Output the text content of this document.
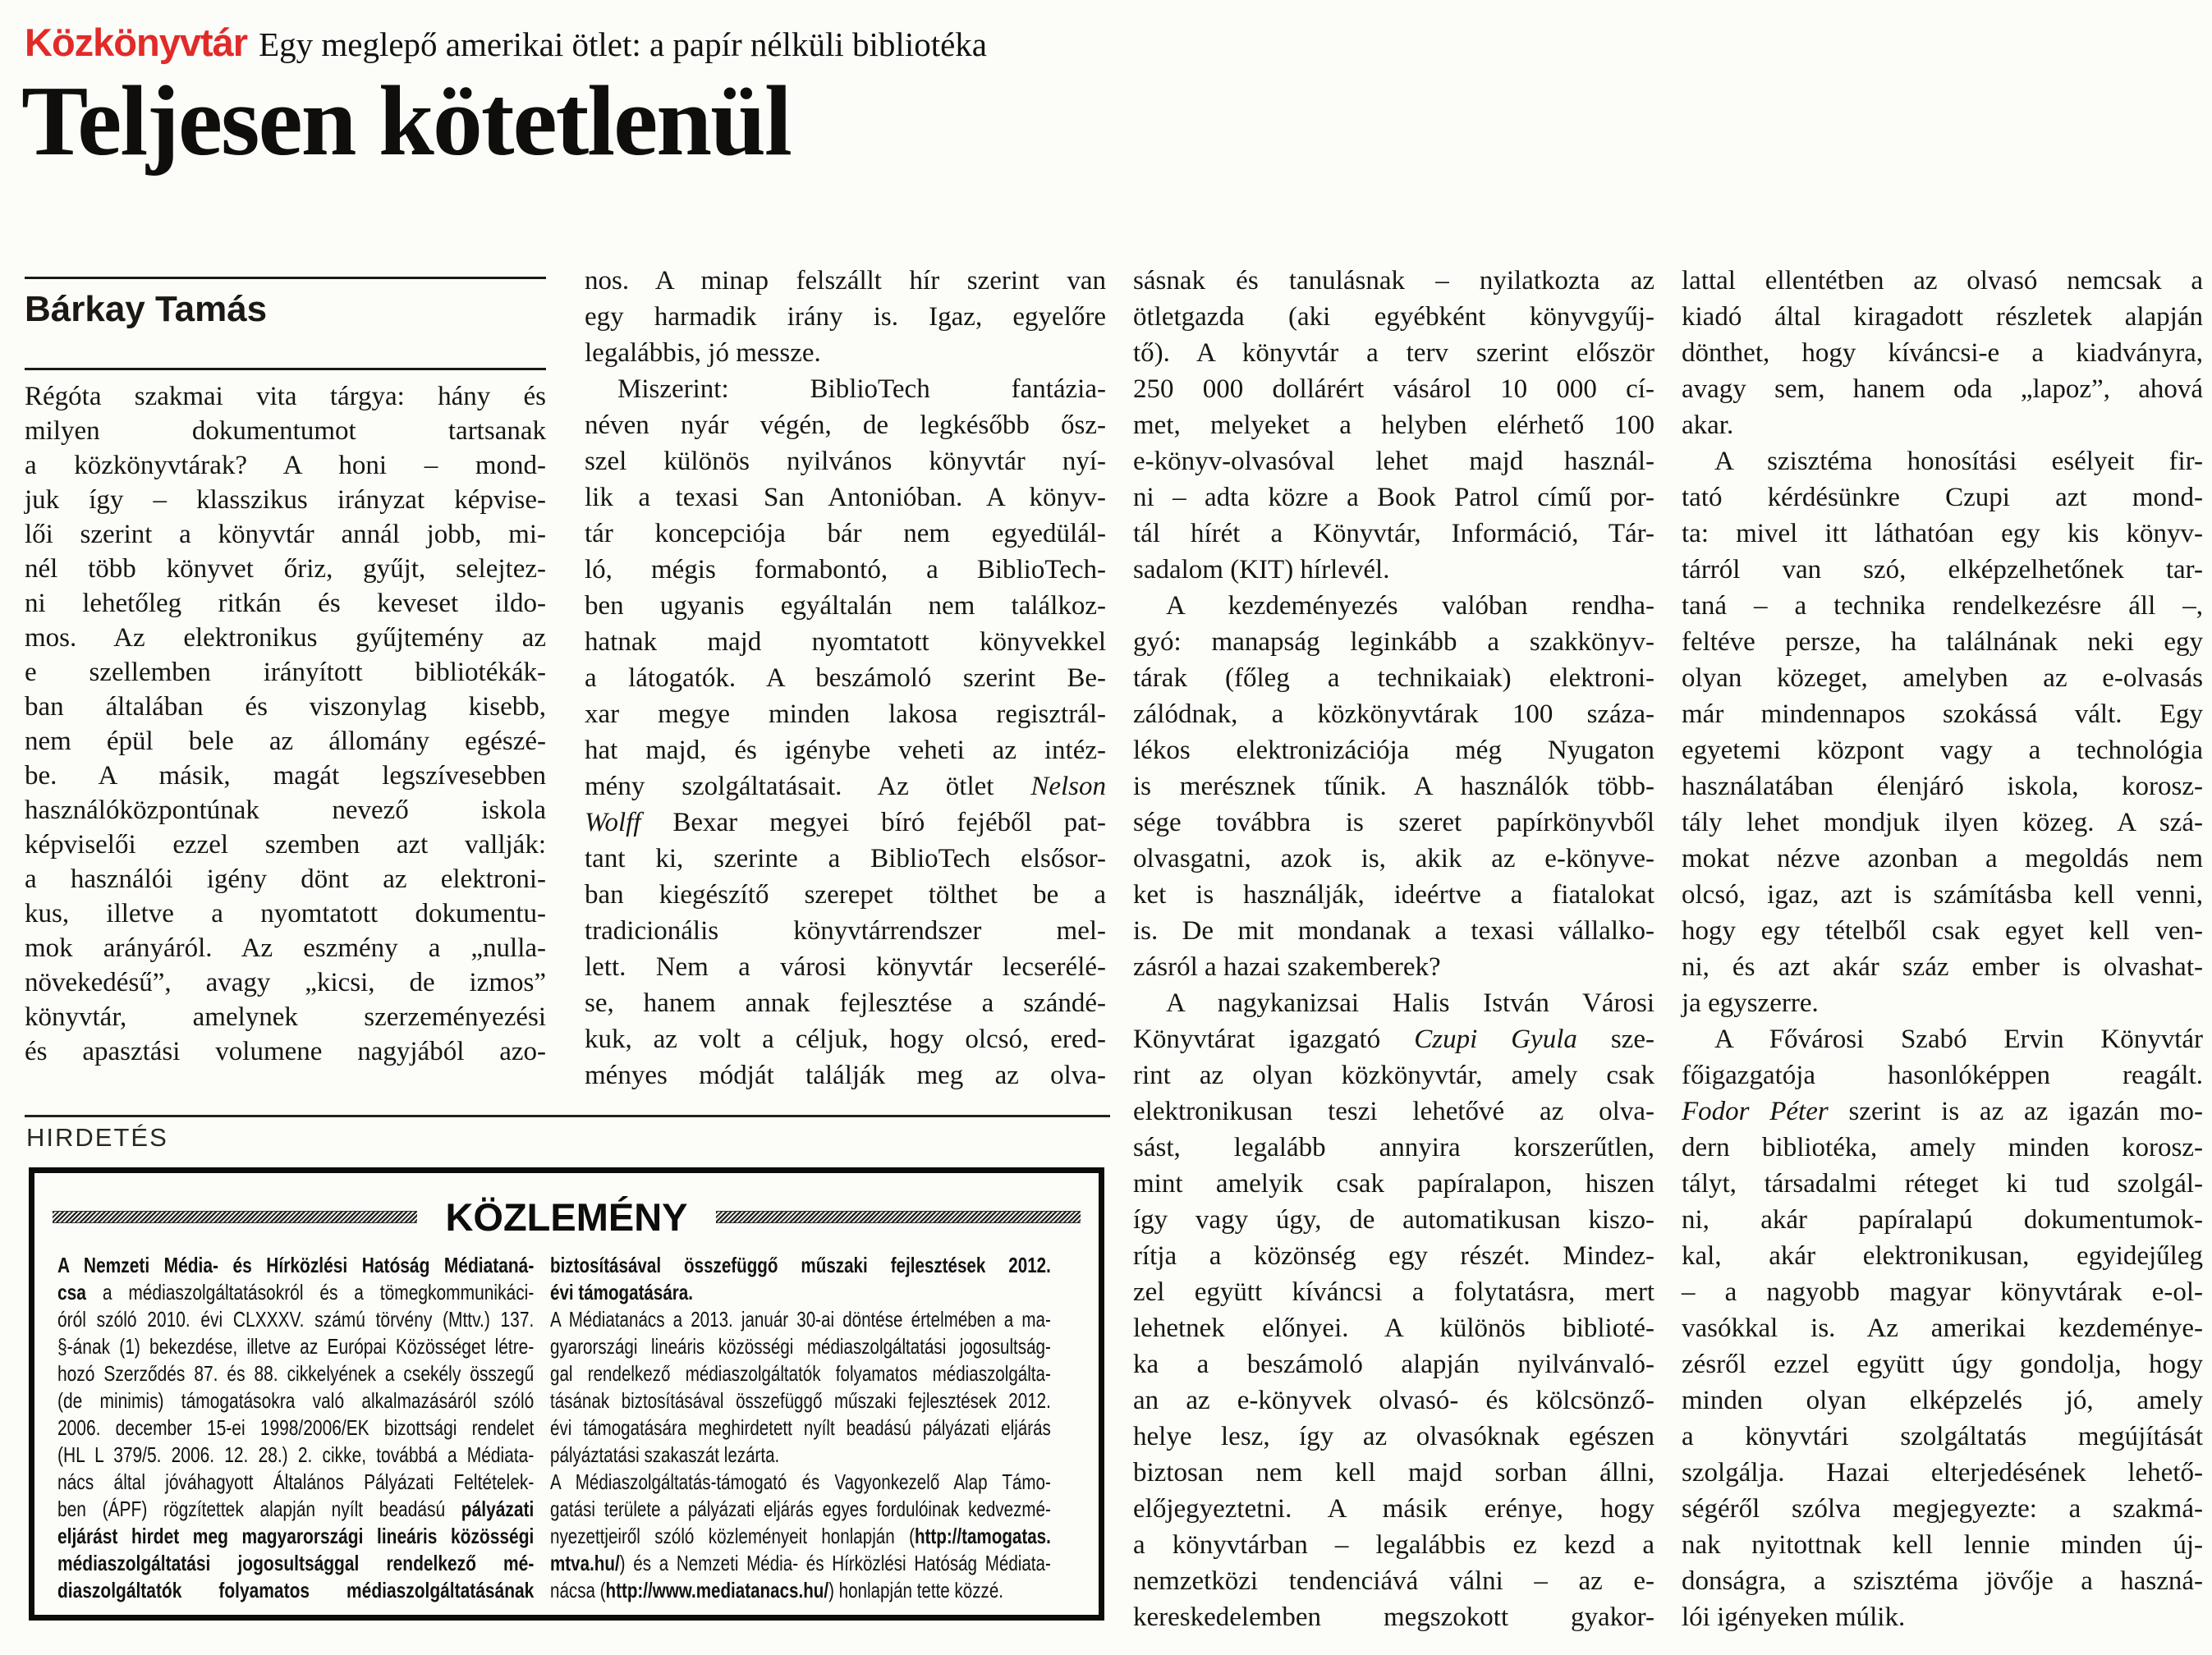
Közkönyvtár Egy meglepő amerikai ötlet: a papír nélküli bibliotéka
Teljesen kötetlenül
Bárkay Tamás
Régóta szakmai vita tárgya: hány és
milyen dokumentumot tartsanak
a közkönyvtárak? A honi – mond-
juk így – klasszikus irányzat képvise-
lői szerint a könyvtár annál jobb, mi-
nél több könyvet őriz, gyűjt, selejtez-
ni lehetőleg ritkán és keveset ildo-
mos. Az elektronikus gyűjtemény az
e szellemben irányított bibliotékák-
ban általában és viszonylag kisebb,
nem épül bele az állomány egészé-
be. A másik, magát legszívesebben
használóközpontúnak nevező iskola
képviselői ezzel szemben azt vallják:
a használói igény dönt az elektroni-
kus, illetve a nyomtatott dokumentu-
mok arányáról. Az eszmény a „nulla-
növekedésű”, avagy „kicsi, de izmos”
könyvtár, amelynek szerzeményezési
és apasztási volumene nagyjából azo-
nos. A minap felszállt hír szerint van
egy harmadik irány is. Igaz, egyelőre
legalábbis, jó messze.
Miszerint: BiblioTech fantázia-
néven nyár végén, de legkésőbb ősz-
szel különös nyilvános könyvtár nyí-
lik a texasi San Antonióban. A könyv-
tár koncepciója bár nem egyedülál-
ló, mégis formabontó, a BiblioTech-
ben ugyanis egyáltalán nem találkoz-
hatnak majd nyomtatott könyvekkel
a látogatók. A beszámoló szerint Be-
xar megye minden lakosa regisztrál-
hat majd, és igénybe veheti az intéz-
mény szolgáltatásait. Az ötlet Nelson
Wolff Bexar megyei bíró fejéből pat-
tant ki, szerinte a BiblioTech elsősor-
ban kiegészítő szerepet tölthet be a
tradicionális könyvtárrendszer mel-
lett. Nem a városi könyvtár lecserélé-
se, hanem annak fejlesztése a szándé-
kuk, az volt a céljuk, hogy olcsó, ered-
ményes módját találják meg az olva-
sásnak és tanulásnak – nyilatkozta az
ötletgazda (aki egyébként könyvgyűj-
tő). A könyvtár a terv szerint először
250 000 dollárért vásárol 10 000 cí-
met, melyeket a helyben elérhető 100
e-könyv-olvasóval lehet majd használ-
ni – adta közre a Book Patrol című por-
tál hírét a Könyvtár, Információ, Tár-
sadalom (KIT) hírlevél.
A kezdeményezés valóban rendha-
gyó: manapság leginkább a szakkönyv-
tárak (főleg a technikaiak) elektroni-
zálódnak, a közkönyvtárak 100 száza-
lékos elektronizációja még Nyugaton
is merésznek tűnik. A használók több-
sége továbbra is szeret papírkönyvből
olvasgatni, azok is, akik az e-könyve-
ket is használják, ideértve a fiatalokat
is. De mit mondanak a texasi vállalko-
zásról a hazai szakemberek?
A nagykanizsai Halis István Városi
Könyvtárat igazgató Czupi Gyula sze-
rint az olyan közkönyvtár, amely csak
elektronikusan teszi lehetővé az olva-
sást, legalább annyira korszerűtlen,
mint amelyik csak papíralapon, hiszen
így vagy úgy, de automatikusan kiszo-
rítja a közönség egy részét. Mindez-
zel együtt kíváncsi a folytatásra, mert
lehetnek előnyei. A különös biblioté-
ka a beszámoló alapján nyilvánvaló-
an az e-könyvek olvasó- és kölcsönző-
helye lesz, így az olvasóknak egészen
biztosan nem kell majd sorban állni,
előjegyeztetni. A másik erénye, hogy
a könyvtárban – legalábbis ez kezd a
nemzetközi tendenciává válni – az e-
kereskedelemben megszokott gyakor-
lattal ellentétben az olvasó nemcsak a
kiadó által kiragadott részletek alapján
dönthet, hogy kíváncsi-e a kiadványra,
avagy sem, hanem oda „lapoz”, ahová
akar.
A szisztéma honosítási esélyeit fir-
tató kérdésünkre Czupi azt mond-
ta: mivel itt láthatóan egy kis könyv-
tárról van szó, elképzelhetőnek tar-
taná – a technika rendelkezésre áll –,
feltéve persze, ha találnának neki egy
olyan közeget, amelyben az e-olvasás
már mindennapos szokássá vált. Egy
egyetemi központ vagy a technológia
használatában élenjáró iskola, korosz-
tály lehet mondjuk ilyen közeg. A szá-
mokat nézve azonban a megoldás nem
olcsó, igaz, azt is számításba kell venni,
hogy egy tételből csak egyet kell ven-
ni, és azt akár száz ember is olvashat-
ja egyszerre.
A Fővárosi Szabó Ervin Könyvtár
főigazgatója hasonlóképpen reagált.
Fodor Péter szerint is az az igazán mo-
dern bibliotéka, amely minden korosz-
tályt, társadalmi réteget ki tud szolgál-
ni, akár papíralapú dokumentumok-
kal, akár elektronikusan, egyidejűleg
– a nagyobb magyar könyvtárak e-ol-
vasókkal is. Az amerikai kezdeménye-
zésről ezzel együtt úgy gondolja, hogy
minden olyan elképzelés jó, amely
a könyvtári szolgáltatás megújítását
szolgálja. Hazai elterjedésének lehető-
ségéről szólva megjegyezte: a szakmá-
nak nyitottnak kell lennie minden új-
donságra, a szisztéma jövője a haszná-
lói igényeken múlik.
HIRDETÉS
KÖZLEMÉNY
A Nemzeti Média- és Hírközlési Hatóság Médiataná-
csa a médiaszolgáltatásokról és a tömegkommunikáci-
óról szóló 2010. évi CLXXXV. számú törvény (Mttv.) 137.
§-ának (1) bekezdése, illetve az Európai Közösséget létre-
hozó Szerződés 87. és 88. cikkelyének a csekély összegű
(de minimis) támogatásokra való alkalmazásáról szóló
2006. december 15-ei 1998/2006/EK bizottsági rendelet
(HL L 379/5. 2006. 12. 28.) 2. cikke, továbbá a Médiata-
nács által jóváhagyott Általános Pályázati Feltételek-
ben (ÁPF) rögzítettek alapján nyílt beadású pályázati
eljárást hirdet meg magyarországi lineáris közösségi
médiaszolgáltatási jogosultsággal rendelkező mé-
diaszolgáltatók folyamatos médiaszolgáltatásának
biztosításával összefüggő műszaki fejlesztések 2012.
évi támogatására.
A Médiatanács a 2013. január 30-ai döntése értelmében a ma-
gyarországi lineáris közösségi médiaszolgáltatási jogosultság-
gal rendelkező médiaszolgáltatók folyamatos médiaszolgálta-
tásának biztosításával összefüggő műszaki fejlesztések 2012.
évi támogatására meghirdetett nyílt beadású pályázati eljárás
pályáztatási szakaszát lezárta.
A Médiaszolgáltatás-támogató és Vagyonkezelő Alap Támo-
gatási területe a pályázati eljárás egyes fordulóinak kedvezmé-
nyezettjeiről szóló közleményeit honlapján (http://tamogatas.
mtva.hu/) és a Nemzeti Média- és Hírközlési Hatóság Médiata-
nácsa (http://www.mediatanacs.hu/) honlapján tette közzé.
